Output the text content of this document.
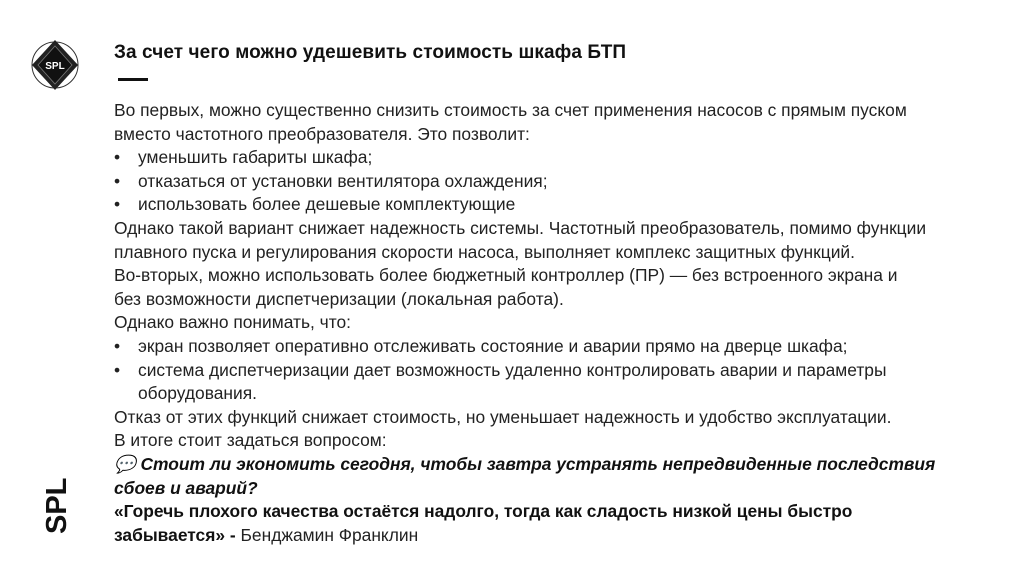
SPL
SPL
За счет чего можно удешевить стоимость шкафа БТП
Во первых, можно существенно снизить стоимость за счет применения насосов с прямым пуском
вместо частотного преобразователя. Это позволит:
•	уменьшить габариты шкафа;
•	отказаться от установки вентилятора охлаждения;
•	использовать более дешевые комплектующие
Однако такой вариант снижает надежность системы. Частотный преобразователь, помимо функции
плавного пуска и регулирования скорости насоса, выполняет комплекс защитных функций.
Во-вторых, можно использовать более бюджетный контроллер (ПР) — без встроенного экрана и
без возможности диспетчеризации (локальная работа).
Однако важно понимать, что:
•	экран позволяет оперативно отслеживать состояние и аварии прямо на дверце шкафа;
•	система диспетчеризации дает возможность удаленно контролировать аварии и параметры
оборудования.
Отказ от этих функций снижает стоимость, но уменьшает надежность и удобство эксплуатации.
В итоге стоит задаться вопросом:
💬 Стоит ли экономить сегодня, чтобы завтра устранять непредвиденные последствия
сбоев и аварий?
«Горечь плохого качества остаётся надолго, тогда как сладость низкой цены быстро
забывается» - Бенджамин Франклин
